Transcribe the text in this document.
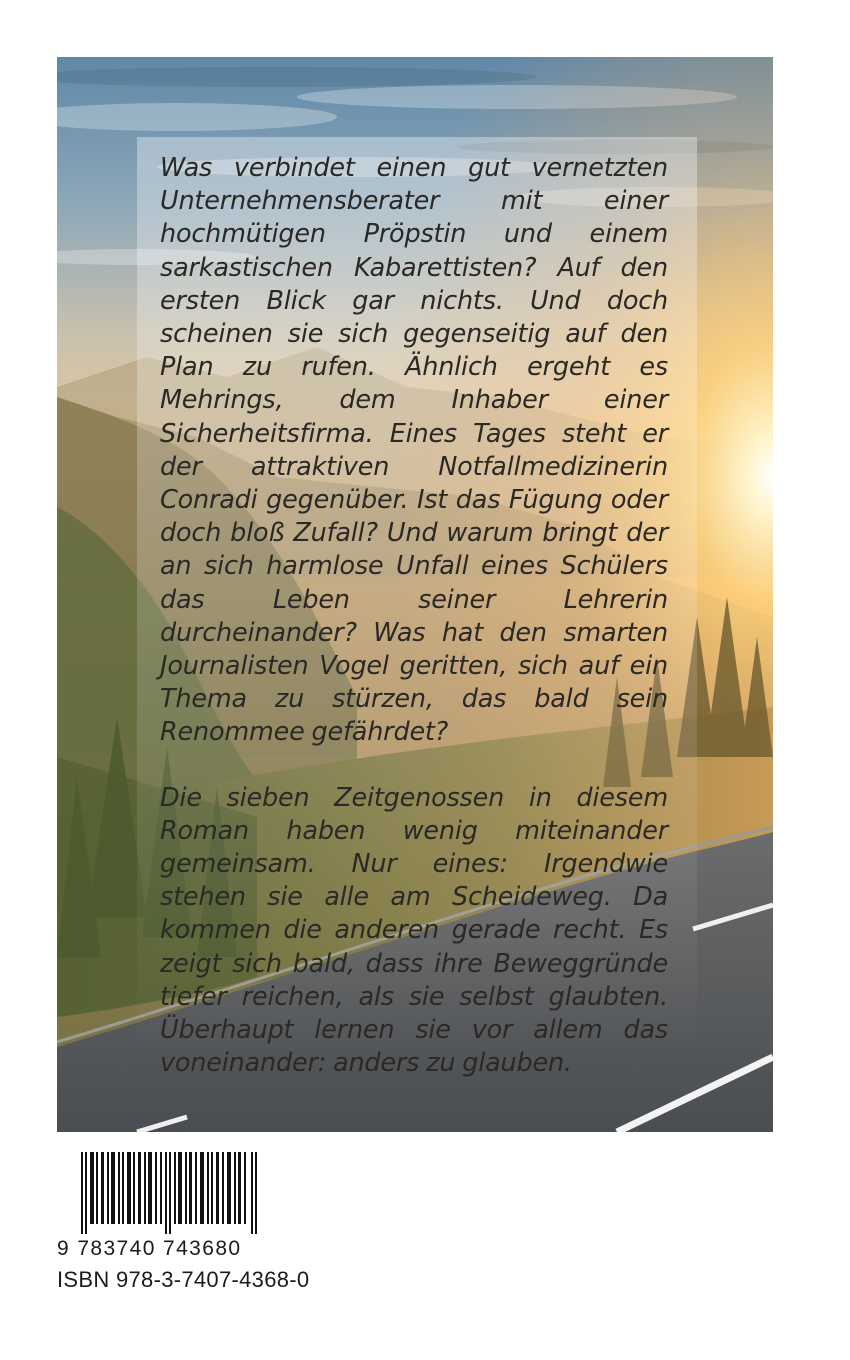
Was verbindet einen gut vernetzten Unternehmensberater mit einer hochmütigen Pröpstin und einem sarkastischen Kabarettisten? Auf den ersten Blick gar nichts. Und doch scheinen sie sich gegenseitig auf den Plan zu rufen. Ähnlich ergeht es Mehrings, dem Inhaber einer Sicherheitsfirma. Eines Tages steht er der attraktiven Notfallmedizinerin Conradi gegenüber. Ist das Fügung oder doch bloß Zufall? Und warum bringt der an sich harmlose Unfall eines Schülers das Leben seiner Lehrerin durcheinander? Was hat den smarten Journalisten Vogel geritten, sich auf ein Thema zu stürzen, das bald sein Renommee gefährdet?

Die sieben Zeitgenossen in diesem Roman haben wenig miteinander gemeinsam. Nur eines: Irgendwie stehen sie alle am Scheideweg. Da kommen die anderen gerade recht. Es zeigt sich bald, dass ihre Beweggründe tiefer reichen, als sie selbst glaubten. Überhaupt lernen sie vor allem das voneinander: anders zu glauben.

9 783740 743680
ISBN 978-3-7407-4368-0
